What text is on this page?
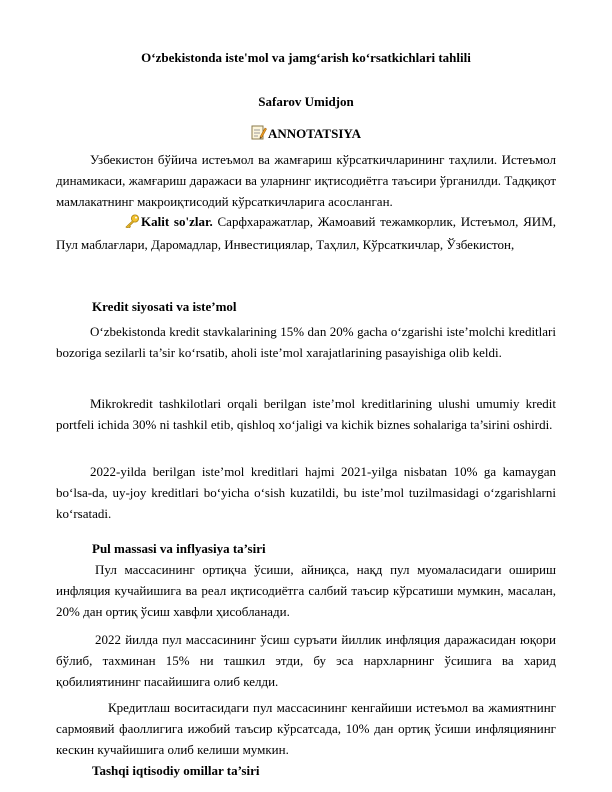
O‘zbekistonda iste'mol va jamg‘arish ko‘rsatkichlari tahlili
Safarov Umidjon
ANNOTATSIYA

Узбекистон бўйича истеъмол ва жамғариш кўрсаткичларининг таҳлили. Истеъмол динамикаси, жамғариш даражаси ва уларнинг иқтисодиётга таъсири ўрганилди. Тадқиқот мамлакатнинг макроиқтисодий кўрсаткичларига асосланган.

Kalit so'zlar. Сарфхаражатлар, Жамоавий тежамкорлик, Истеъмол, ЯИМ, Пул маблағлари, Даромадлар, Инвестициялар, Таҳлил, Кўрсаткичлар, Ўзбекистон,

Kredit siyosati va iste’mol

O‘zbekistonda kredit stavkalarining 15% dan 20% gacha o‘zgarishi iste’molchi kreditlari bozoriga sezilarli ta’sir ko‘rsatib, aholi iste’mol xarajatlarining pasayishiga olib keldi.

Mikrokredit tashkilotlari orqali berilgan iste’mol kreditlarining ulushi umumiy kredit portfeli ichida 30% ni tashkil etib, qishloq xo‘jaligi va kichik biznes sohalariga ta’sirini oshirdi.

2022-yilda berilgan iste’mol kreditlari hajmi 2021-yilga nisbatan 10% ga kamaygan bo‘lsa-da, uy-joy kreditlari bo‘yicha o‘sish kuzatildi, bu iste’mol tuzilmasidagi o‘zgarishlarni ko‘rsatadi.

Pul massasi va inflyasiya ta’siri

Пул массасининг ортиқча ўсиши, айниқса, нақд пул муомаласидаги ошириш инфляция кучайишига ва реал иқтисодиётга салбий таъсир кўрсатиши мумкин, масалан, 20% дан ортиқ ўсиш хавфли ҳисобланади.

2022 йилда пул массасининг ўсиш суръати йиллик инфляция даражасидан юқори бўлиб, тахминан 15% ни ташкил этди, бу эса нархларнинг ўсишига ва харид қобилиятининг пасайишига олиб келди.

Кредитлаш воситасидаги пул массасининг кенгайиши истеъмол ва жамиятнинг сармоявий фаоллигига ижобий таъсир кўрсатсада, 10% дан ортиқ ўсиши инфляциянинг кескин кучайишига олиб келиши мумкин.

Tashqi iqtisodiy omillar ta’siri
